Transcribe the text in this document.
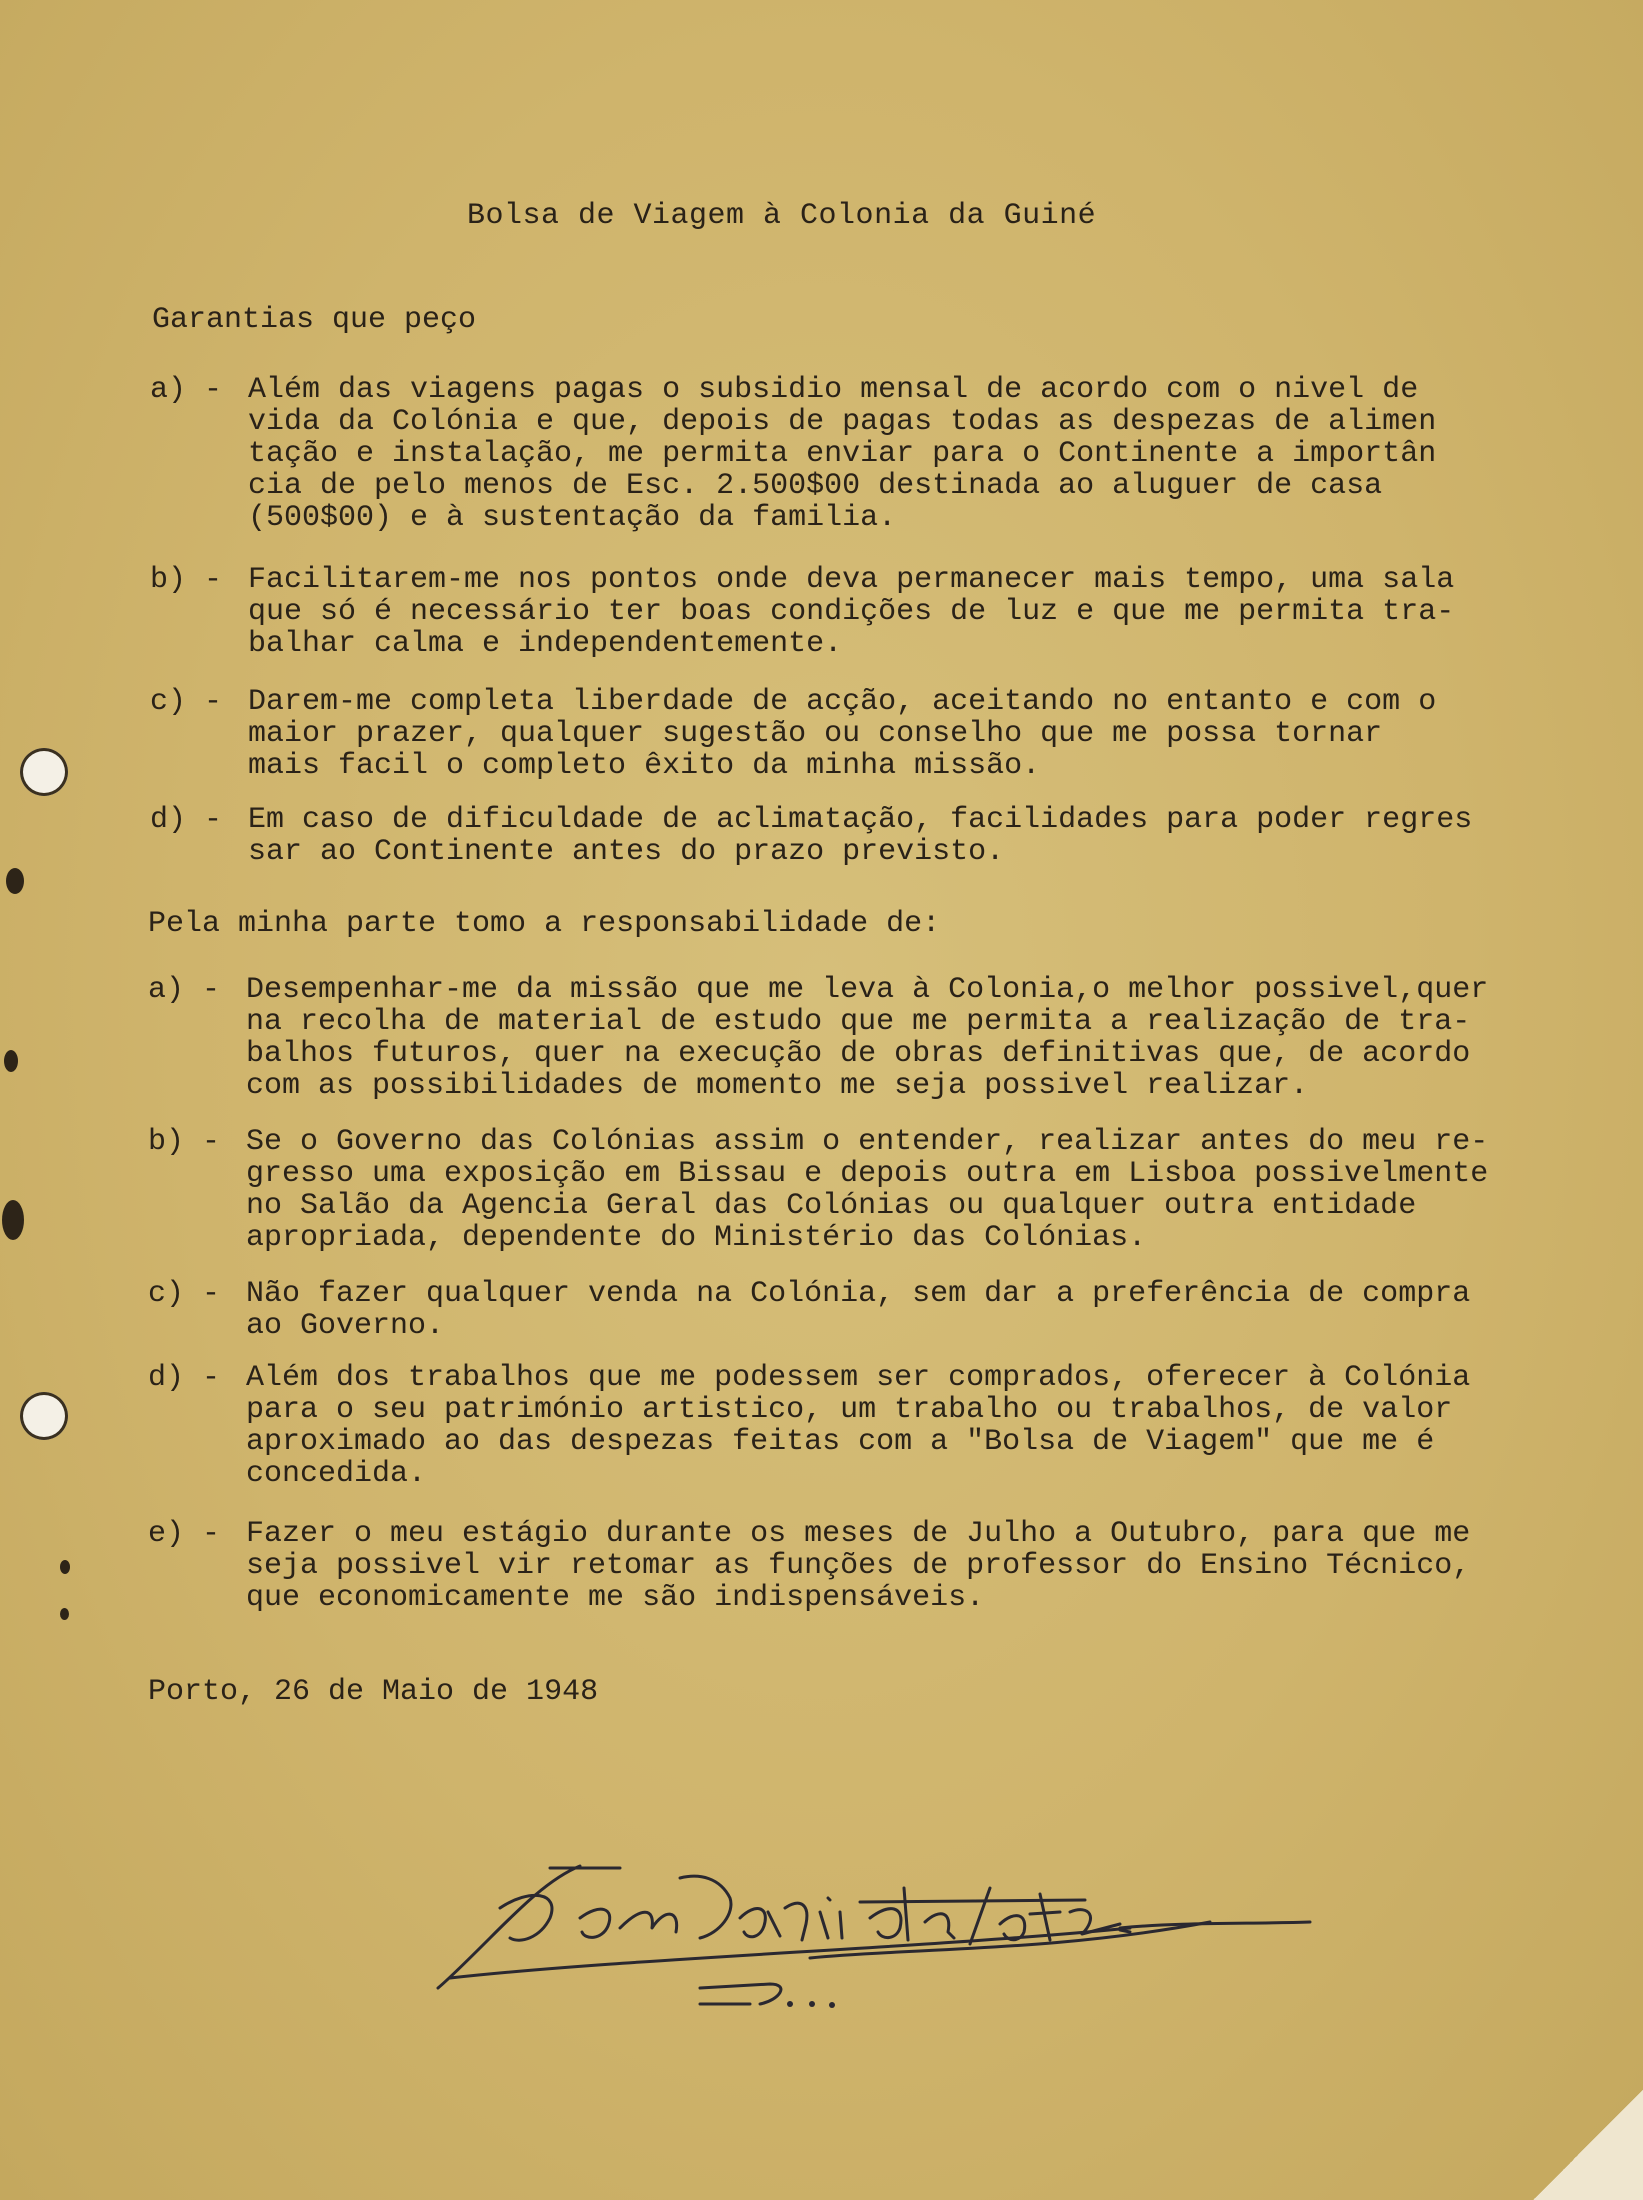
Bolsa de Viagem à Colonia da Guiné
Garantias que peço
a) - Além das viagens pagas o subsidio mensal de acordo com o nivel de

vida da Colónia e que, depois de pagas todas as despezas de alimen

tação e instalação, me permita enviar para o Continente a importân

cia de pelo menos de Esc. 2.500$00 destinada ao aluguer de casa

(500$00) e à sustentação da familia.

b) - Facilitarem-me nos pontos onde deva permanecer mais tempo, uma sala

que só é necessário ter boas condições de luz e que me permita tra-

balhar calma e independentemente.

c) - Darem-me completa liberdade de acção, aceitando no entanto e com o

maior prazer, qualquer sugestão ou conselho que me possa tornar

mais facil o completo êxito da minha missão.

d) - Em caso de dificuldade de aclimatação, facilidades para poder regres

sar ao Continente antes do prazo previsto.

Pela minha parte tomo a responsabilidade de:
a) - Desempenhar-me da missão que me leva à Colonia,o melhor possivel,quer

na recolha de material de estudo que me permita a realização de tra-

balhos futuros, quer na execução de obras definitivas que, de acordo

com as possibilidades de momento me seja possivel realizar.

b) - Se o Governo das Colónias assim o entender, realizar antes do meu re-

gresso uma exposição em Bissau e depois outra em Lisboa possivelmente

no Salão da Agencia Geral das Colónias ou qualquer outra entidade

apropriada, dependente do Ministério das Colónias.

c) - Não fazer qualquer venda na Colónia, sem dar a preferência de compra

ao Governo.

d) - Além dos trabalhos que me podessem ser comprados, oferecer à Colónia

para o seu património artistico, um trabalho ou trabalhos, de valor

aproximado ao das despezas feitas com a "Bolsa de Viagem" que me é

concedida.

e) - Fazer o meu estágio durante os meses de Julho a Outubro, para que me

seja possivel vir retomar as funções de professor do Ensino Técnico,

que economicamente me são indispensáveis.

Porto, 26 de Maio de 1948
